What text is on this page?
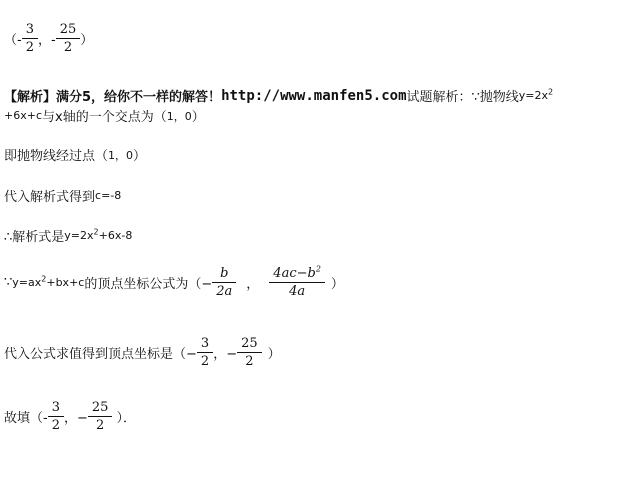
（- $\frac{3}{2}$ ，- $\frac{25}{2}$ ）
【解析】 满分5，给你不一样的解答！ http://www.manfen5.com 试题解析： ∵抛物线 $y=2x^2$
+6x+c 与x轴的一个交点为（ 1，0 ）
即抛物线经过点（ 1，0 ）
代入解析式得到 c=-8
∴解析式是 $y=2x^2+6x-8$
∵ $y=ax^2+bx+c$ 的顶点坐标公式为（− $\frac{b}{2a}$ ， $\frac{4ac-b^2}{4a}$ ）
代入公式求值得到顶点坐标是（− $\frac{3}{2}$ ，− $\frac{25}{2}$ ）
故填（- $\frac{3}{2}$ ，− $\frac{25}{2}$ ）．
